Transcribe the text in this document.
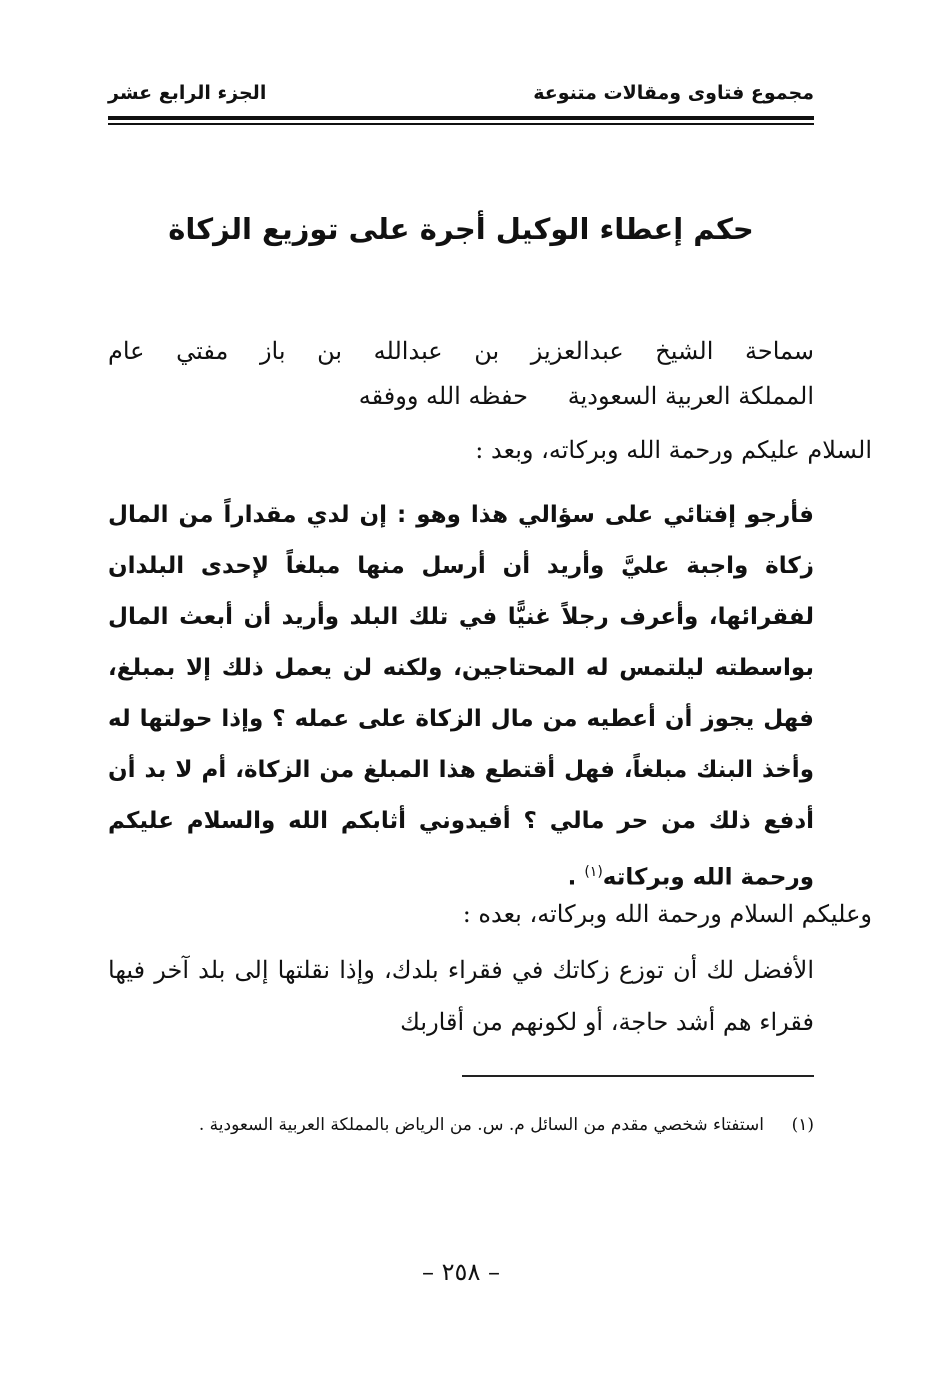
مجموع فتاوى ومقالات متنوعة
الجزء الرابع عشر
حكم إعطاء الوكيل أجرة على توزيع الزكاة
سماحة الشيخ عبدالعزيز بن عبدالله بن باز مفتي عام
المملكة العربية السعودية
حفظه الله ووفقه
السلام عليكم ورحمة الله وبركاته، وبعد :
فأرجو إفتائي على سؤالي هذا وهو : إن لدي مقداراً من المال زكاة واجبة عليَّ وأريد أن أرسل منها مبلغاً لإحدى البلدان لفقرائها، وأعرف رجلاً غنيًّا في تلك البلد وأريد أن أبعث المال بواسطته ليلتمس له المحتاجين، ولكنه لن يعمل ذلك إلا بمبلغ، فهل يجوز أن أعطيه من مال الزكاة على عمله ؟ وإذا حولتها له وأخذ البنك مبلغاً، فهل أقتطع هذا المبلغ من الزكاة، أم لا بد أن أدفع ذلك من حر مالي ؟ أفيدوني أثابكم الله والسلام عليكم ورحمة الله وبركاته$^{(١)}$ .
وعليكم السلام ورحمة الله وبركاته، بعده :
الأفضل لك أن توزع زكاتك في فقراء بلدك، وإذا نقلتها إلى بلد آخر فيها فقراء هم أشد حاجة، أو لكونهم من أقاربك
(١)
استفتاء شخصي مقدم من السائل م. س. من الرياض بالمملكة العربية السعودية .
– ٢٥٨ –
